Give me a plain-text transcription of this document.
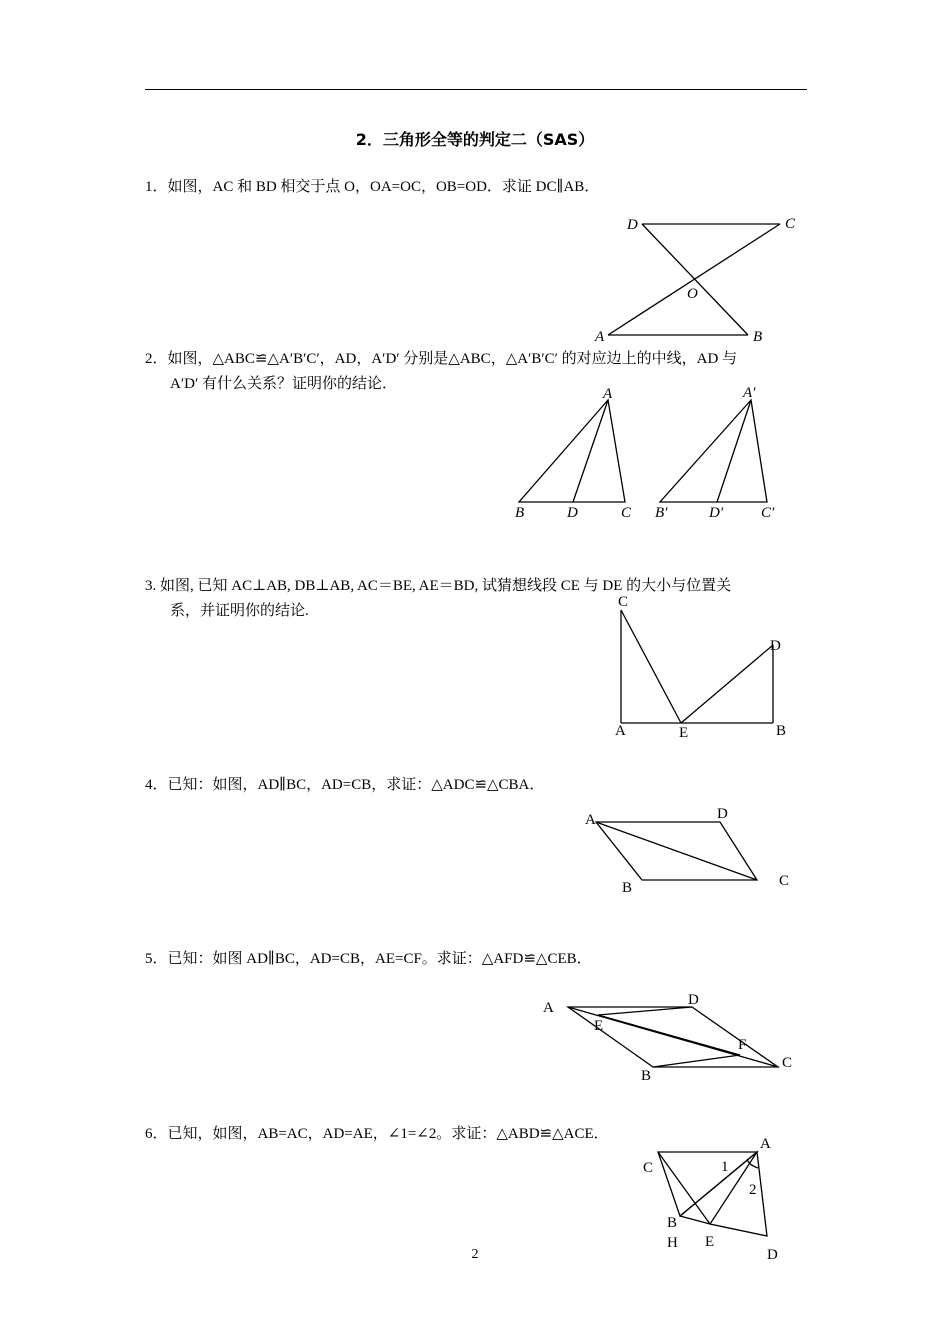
2．三角形全等的判定二（SAS）
1．如图，AC 和 BD 相交于点 O，OA=OC，OB=OD．求证 DC∥AB．
D	C
O
A	B
2．如图，△ABC≌△A′B′C′，AD，A′D′ 分别是△ABC，△A′B′C′ 的对应边上的中线，AD 与
A′D′ 有什么关系？证明你的结论．
A
B	D	C
A′
B′	D′	C′
3. 如图, 已知 AC⊥AB, DB⊥AB, AC＝BE, AE＝BD, 试猜想线段 CE 与 DE 的大小与位置关
系，并证明你的结论.
C
D
A	E	B
4．已知：如图，AD∥BC，AD=CB，求证：△ADC≌△CBA．
A	D
B	C
5．已知：如图 AD∥BC，AD=CB，AE=CF。求证：△AFD≌△CEB．
A	D
E
F
B
C
6．已知，如图，AB=AC，AD=AE，∠1=∠2。求证：△ABD≌△ACE．
A
C	1
2
B
H E
D
2
